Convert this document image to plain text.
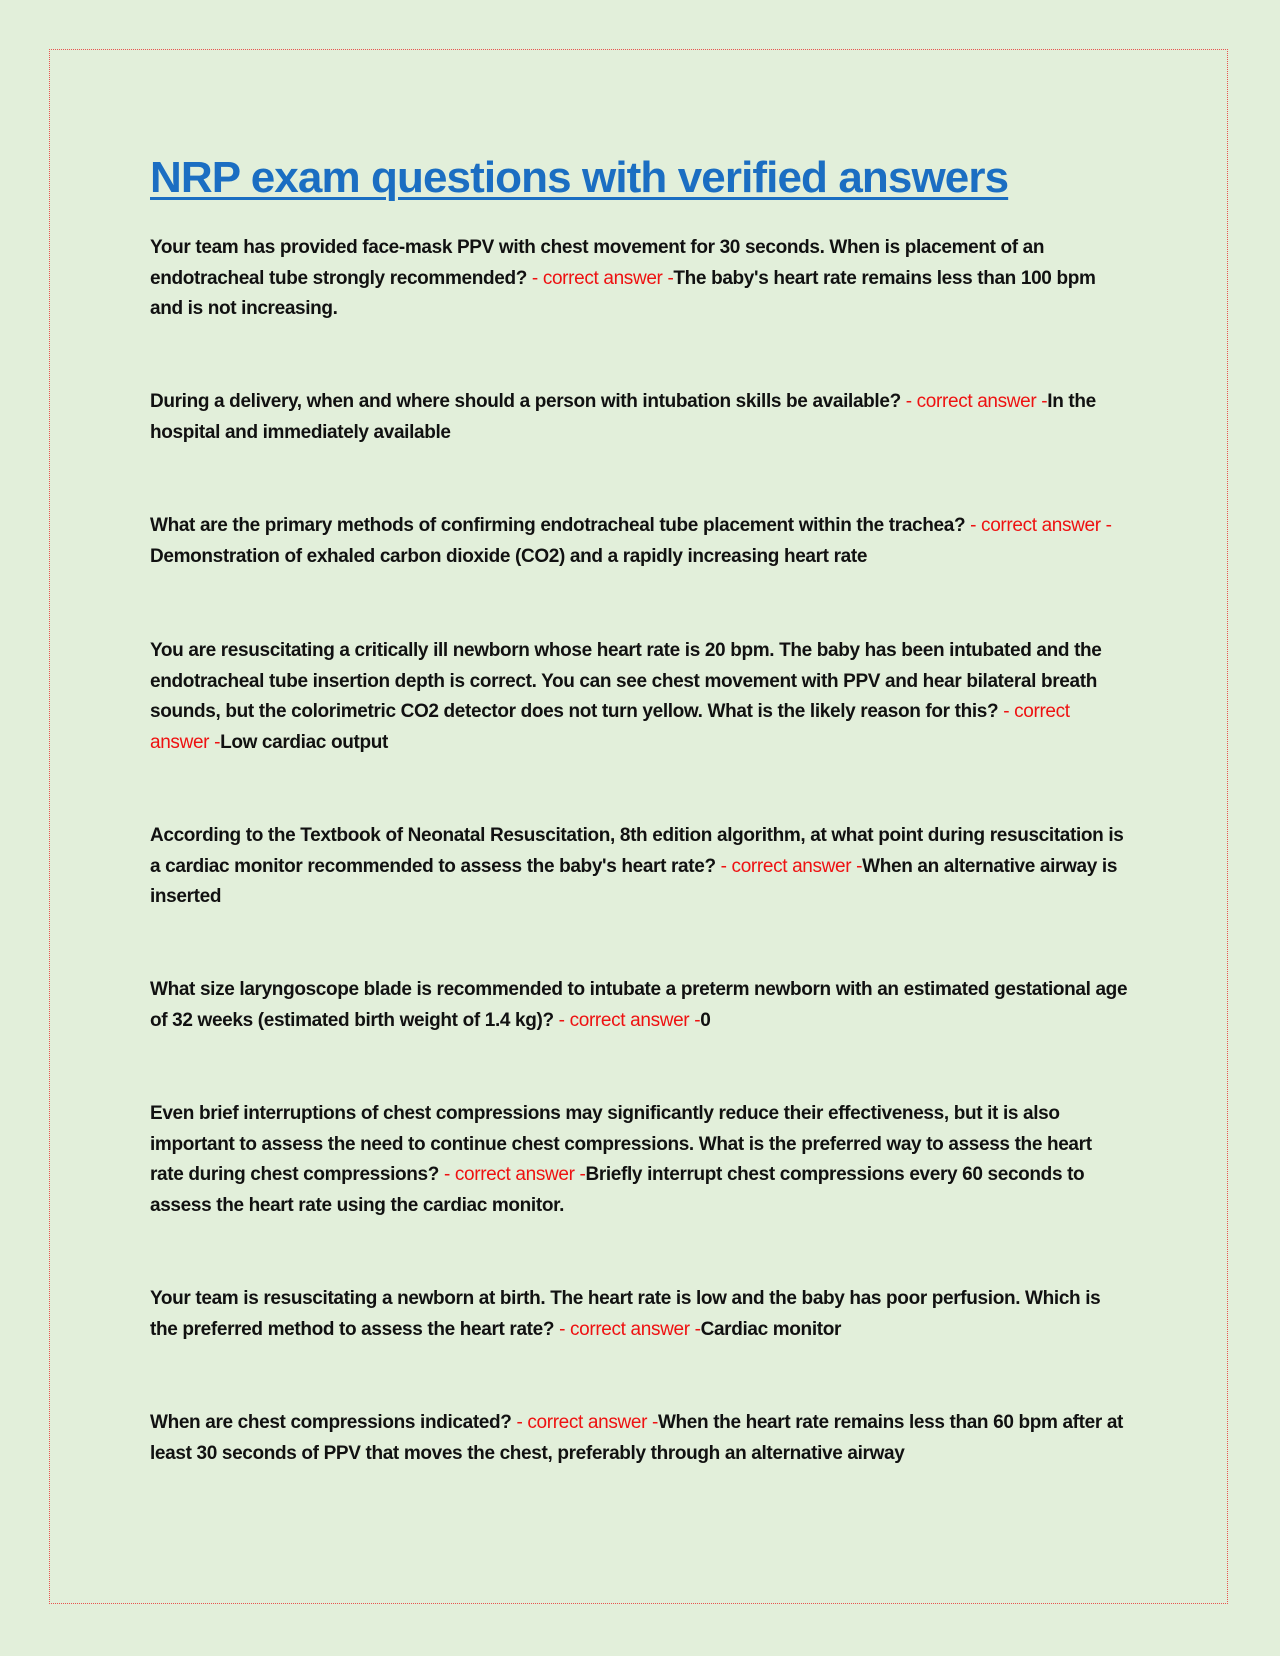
NRP exam questions with verified answers

Your team has provided face-mask PPV with chest movement for 30 seconds. When is placement of an endotracheal tube strongly recommended? - correct answer -The baby's heart rate remains less than 100 bpm and is not increasing.

During a delivery, when and where should a person with intubation skills be available? - correct answer -In the hospital and immediately available

What are the primary methods of confirming endotracheal tube placement within the trachea? - correct answer -Demonstration of exhaled carbon dioxide (CO2) and a rapidly increasing heart rate

You are resuscitating a critically ill newborn whose heart rate is 20 bpm. The baby has been intubated and the endotracheal tube insertion depth is correct. You can see chest movement with PPV and hear bilateral breath sounds, but the colorimetric CO2 detector does not turn yellow. What is the likely reason for this? - correct answer -Low cardiac output

According to the Textbook of Neonatal Resuscitation, 8th edition algorithm, at what point during resuscitation is a cardiac monitor recommended to assess the baby's heart rate? - correct answer -When an alternative airway is inserted

What size laryngoscope blade is recommended to intubate a preterm newborn with an estimated gestational age of 32 weeks (estimated birth weight of 1.4 kg)? - correct answer -0

Even brief interruptions of chest compressions may significantly reduce their effectiveness, but it is also important to assess the need to continue chest compressions. What is the preferred way to assess the heart rate during chest compressions? - correct answer -Briefly interrupt chest compressions every 60 seconds to assess the heart rate using the cardiac monitor.

Your team is resuscitating a newborn at birth. The heart rate is low and the baby has poor perfusion. Which is the preferred method to assess the heart rate? - correct answer -Cardiac monitor

When are chest compressions indicated? - correct answer -When the heart rate remains less than 60 bpm after at least 30 seconds of PPV that moves the chest, preferably through an alternative airway
